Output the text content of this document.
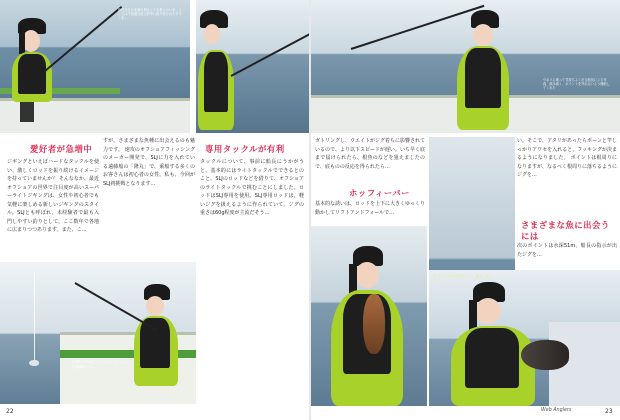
釣行当日の北東の風はとても柔らかいが、ここでは不思議な波に釣竿に振り回されたワインを…
愛好者が急増中
ジギングといえばハードなタックルを使い、激しくロッドを振り続けるイメージを持っていませんか？ そんななか、最近オフショアの世界で注目度が高いスーパーライトジギングは、女性や初心者でも気軽に楽しめる新しいジギングのスタイル。SLJとも呼ばれ、未経験者で最も入門しやすい釣りとして、ここ数年で各地に広まりつつあります。また、こ…
すが、さまざまな魚種に出会えるのも魅力です。 速攻のオフショアフィッシングのメーカー開発で、SLJに力を入れている遠藤船の「隆丸」で、乗船する多くのお客さんは初心者の女性。私も、今回がSLJ初挑戦となります…
専用タックルが有利
タックルについて、事前に船長にうかがうと、基本的にはライトタックルでできるとのこと。SLJのロッドなどを借りて、オフショアのライトタックルで挑むことにしました。ロッドはSLJ専用を使用。SLJ専用ロッドは、軽いジグを扱えるように作られていて、ジグの重さは60g程度が主流だそう…
仕掛けを回収していたら、ヒットした瞬間の引き…
22
ウネリに乗って気持ちよく走る船長による写真、波は高く、ポイントを外れないよう操船してくれた
ガトリングし、ウエイトがジグ着ちに影響されているので、より以下スピードが遅い。いち早く底まで届けられたら、根魚のなどを狙えましたので、底ものの反応を得られたら…
ホッフィーバー
基本的な誘いは、ロッドを上下に大きくゆっくり動かしてリフトアンドフォールで…
い。そこで、アタリがあったらポーンと竿しっかりアワセを入れると、フッキングが決まるようになりました。 ポイントは根周りになりますが、なるべく根周りに落ちるようにジグを…
さまざまな魚に出会うには
次のポイントは水深51m。船長の指示が出たジグを…
中ぐらいのソイをゲット、楽しく釣れ…
Web Anglers	23
